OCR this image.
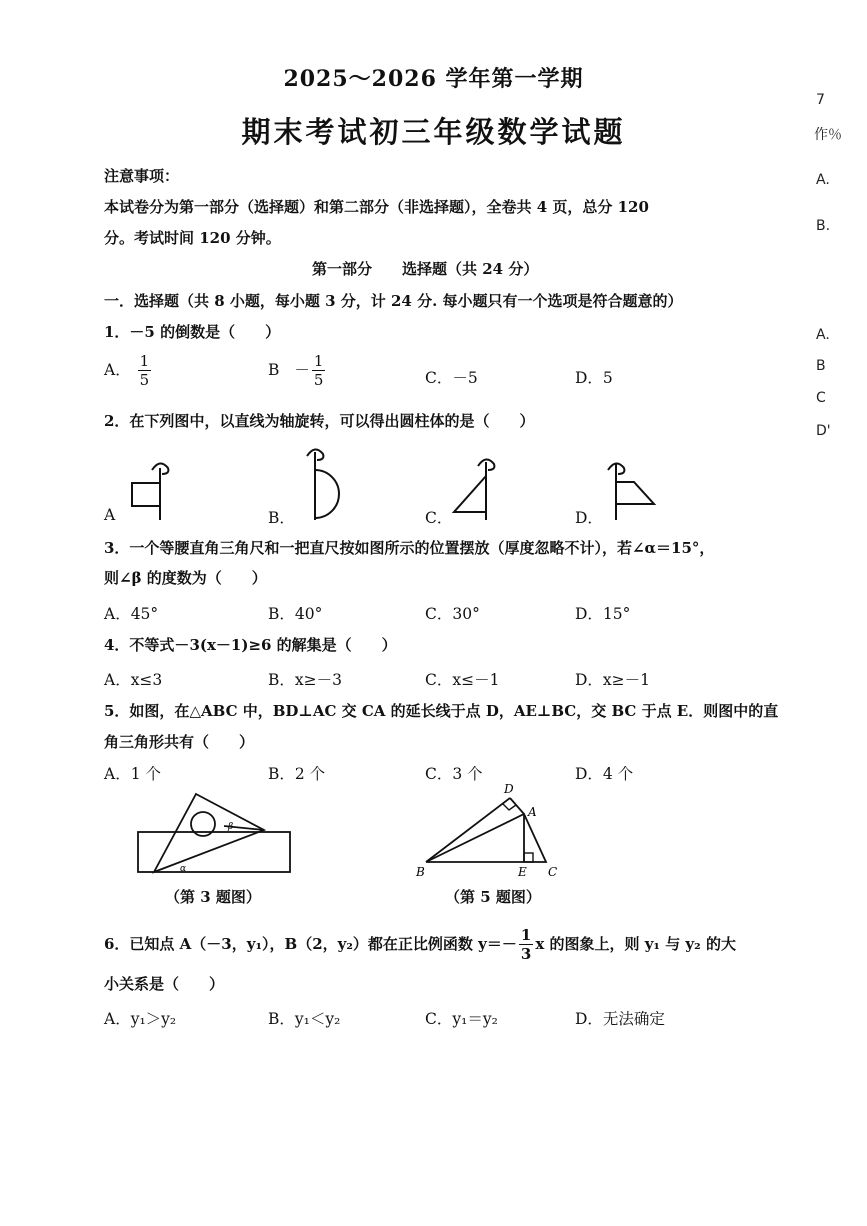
2025～2026 学年第一学期
期末考试初三年级数学试题
注意事项：
本试卷分为第一部分（选择题）和第二部分（非选择题），全卷共 4 页，总分 120
分。考试时间 120 分钟。
第一部分　　选择题（共 24 分）
一．选择题（共 8 小题，每小题 3 分，计 24 分. 每小题只有一个选项是符合题意的）
1．－5 的倒数是（　　）
A． $\frac{1}{5}$	$B - \frac{1}{5}$	C．－5	D．5
2．在下列图中，以直线为轴旋转，可以得出圆柱体的是（　　）
A	B．	C．	D．
3．一个等腰直角三角尺和一把直尺按如图所示的位置摆放（厚度忽略不计），若∠α＝15°，
则∠β 的度数为（　　）
A．45°	B．40°	C．30°	D．15°
4．不等式－3(x－1)≥6 的解集是（　　）
A．x≤3	B．x≥－3	C．x≤－1	D．x≥－1
5．如图，在△ABC 中，BD⊥AC 交 CA 的延长线于点 D，AE⊥BC，交 BC 于点 E．则图中的直
角三角形共有（　　）
A．1 个	B．2 个	C．3 个	D．4 个
β
α
（第 3 题图）
D
A
B	E C
（第 5 题图）
6．已知点 A（－3，y₁），B（2，y₂）都在正比例函数 $y=- \frac{1}{3}$ x 的图象上，则 y₁ 与 y₂ 的大
小关系是（　　）
A．y₁＞y₂	B．y₁＜y₂	C．y₁＝y₂	D．无法确定
7
作％
A.
B.
A.
B
C
D'
